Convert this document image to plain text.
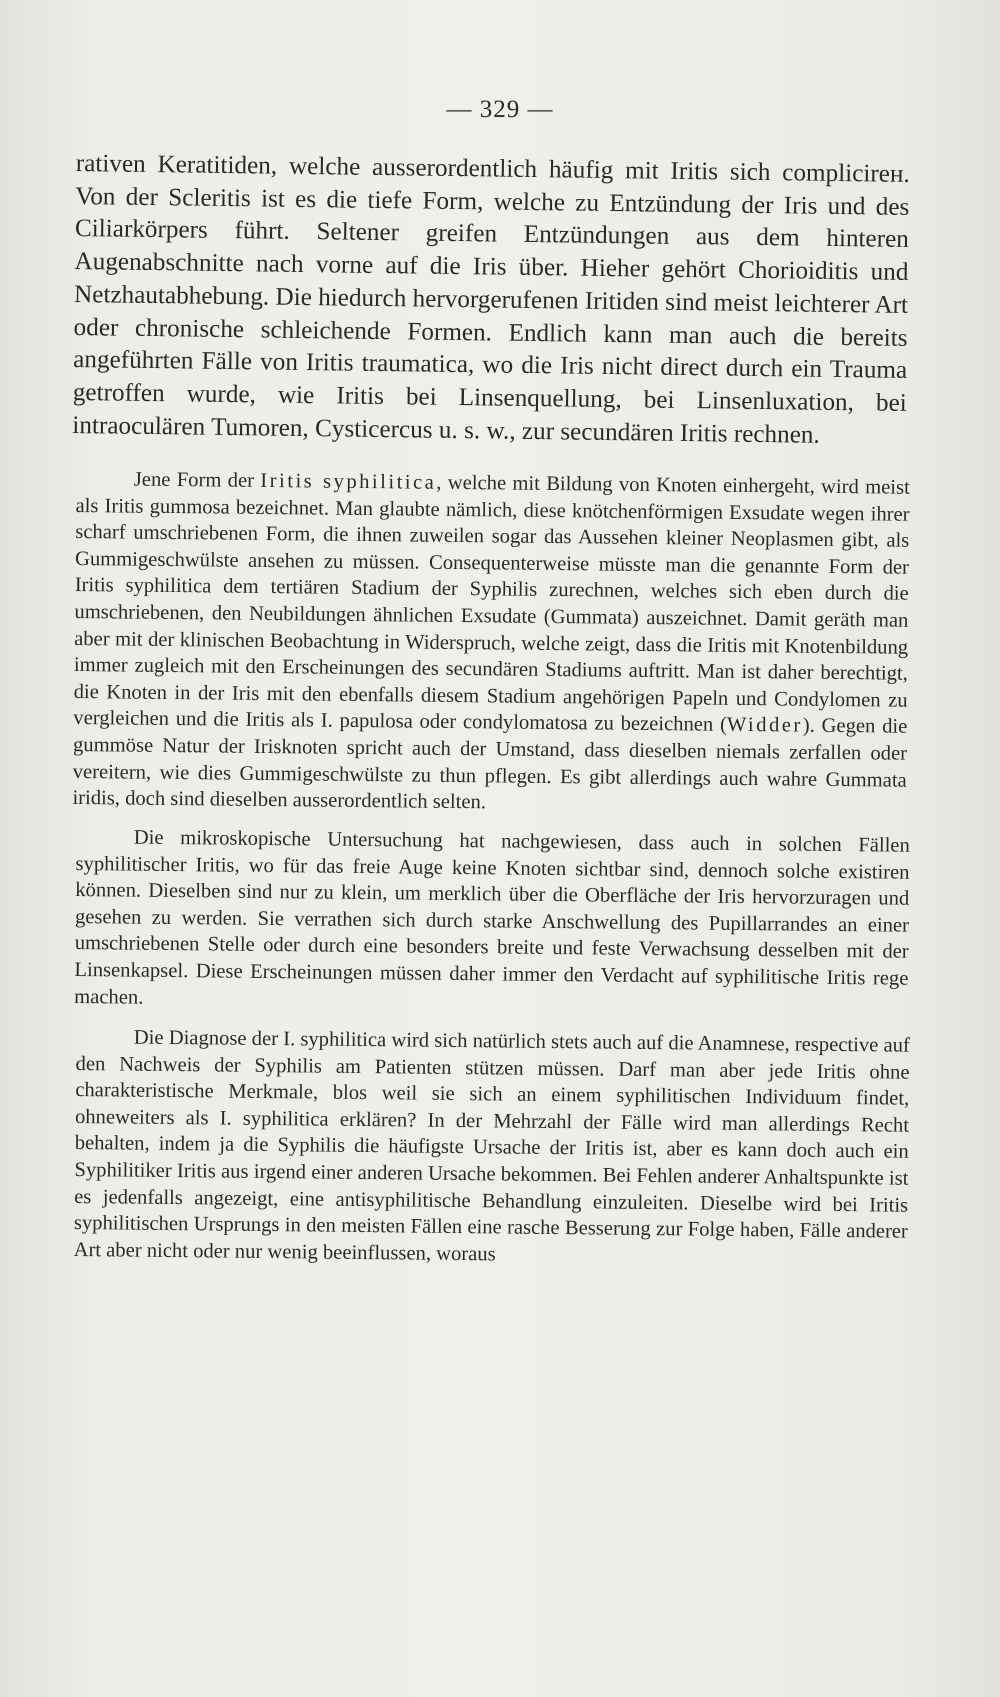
— 329 —

rativen Keratitiden, welche ausserordentlich häufig mit Iritis sich complicirен. Von der Scleritis ist es die tiefe Form, welche zu Entzündung der Iris und des Ciliarkörpers führt. Seltener greifen Entzündungen aus dem hinteren Augenabschnitte nach vorne auf die Iris über. Hieher gehört Chorioiditis und Netzhautabhebung. Die hiedurch hervorgerufenen Iritiden sind meist leichterer Art oder chronische schleichende Formen. Endlich kann man auch die bereits angeführten Fälle von Iritis traumatica, wo die Iris nicht direct durch ein Trauma getroffen wurde, wie Iritis bei Linsenquellung, bei Linsenluxation, bei intraoculären Tumoren, Cysticercus u. s. w., zur secundären Iritis rechnen.

Jene Form der Iritis syphilitica, welche mit Bildung von Knoten einhergeht, wird meist als Iritis gummosa bezeichnet. Man glaubte nämlich, diese knötchenförmigen Exsudate wegen ihrer scharf umschriebenen Form, die ihnen zuweilen sogar das Aussehen kleiner Neoplasmen gibt, als Gummigeschwülste ansehen zu müssen. Consequenterweise müsste man die genannte Form der Iritis syphilitica dem tertiären Stadium der Syphilis zurechnen, welches sich eben durch die umschriebenen, den Neubildungen ähnlichen Exsudate (Gummata) auszeichnet. Damit geräth man aber mit der klinischen Beobachtung in Widerspruch, welche zeigt, dass die Iritis mit Knotenbildung immer zugleich mit den Erscheinungen des secundären Stadiums auftritt. Man ist daher berechtigt, die Knoten in der Iris mit den ebenfalls diesem Stadium angehörigen Papeln und Condylomen zu vergleichen und die Iritis als I. papulosa oder condylomatosa zu bezeichnen (Widder). Gegen die gummöse Natur der Irisknoten spricht auch der Umstand, dass dieselben niemals zerfallen oder vereitern, wie dies Gummigeschwülste zu thun pflegen. Es gibt allerdings auch wahre Gummata iridis, doch sind dieselben ausserordentlich selten.

Die mikroskopische Untersuchung hat nachgewiesen, dass auch in solchen Fällen syphilitischer Iritis, wo für das freie Auge keine Knoten sichtbar sind, dennoch solche existiren können. Dieselben sind nur zu klein, um merklich über die Oberfläche der Iris hervorzuragen und gesehen zu werden. Sie verrathen sich durch starke Anschwellung des Pupillarrandes an einer umschriebenen Stelle oder durch eine besonders breite und feste Verwachsung desselben mit der Linsenkapsel. Diese Erscheinungen müssen daher immer den Verdacht auf syphilitische Iritis rege machen.

Die Diagnose der I. syphilitica wird sich natürlich stets auch auf die Anamnese, respective auf den Nachweis der Syphilis am Patienten stützen müssen. Darf man aber jede Iritis ohne charakteristische Merkmale, blos weil sie sich an einem syphilitischen Individuum findet, ohneweiters als I. syphilitica erklären? In der Mehrzahl der Fälle wird man allerdings Recht behalten, indem ja die Syphilis die häufigste Ursache der Iritis ist, aber es kann doch auch ein Syphilitiker Iritis aus irgend einer anderen Ursache bekommen. Bei Fehlen anderer Anhaltspunkte ist es jedenfalls angezeigt, eine antisyphilitische Behandlung einzuleiten. Dieselbe wird bei Iritis syphilitischen Ursprungs in den meisten Fällen eine rasche Besserung zur Folge haben, Fälle anderer Art aber nicht oder nur wenig beeinflussen, woraus
